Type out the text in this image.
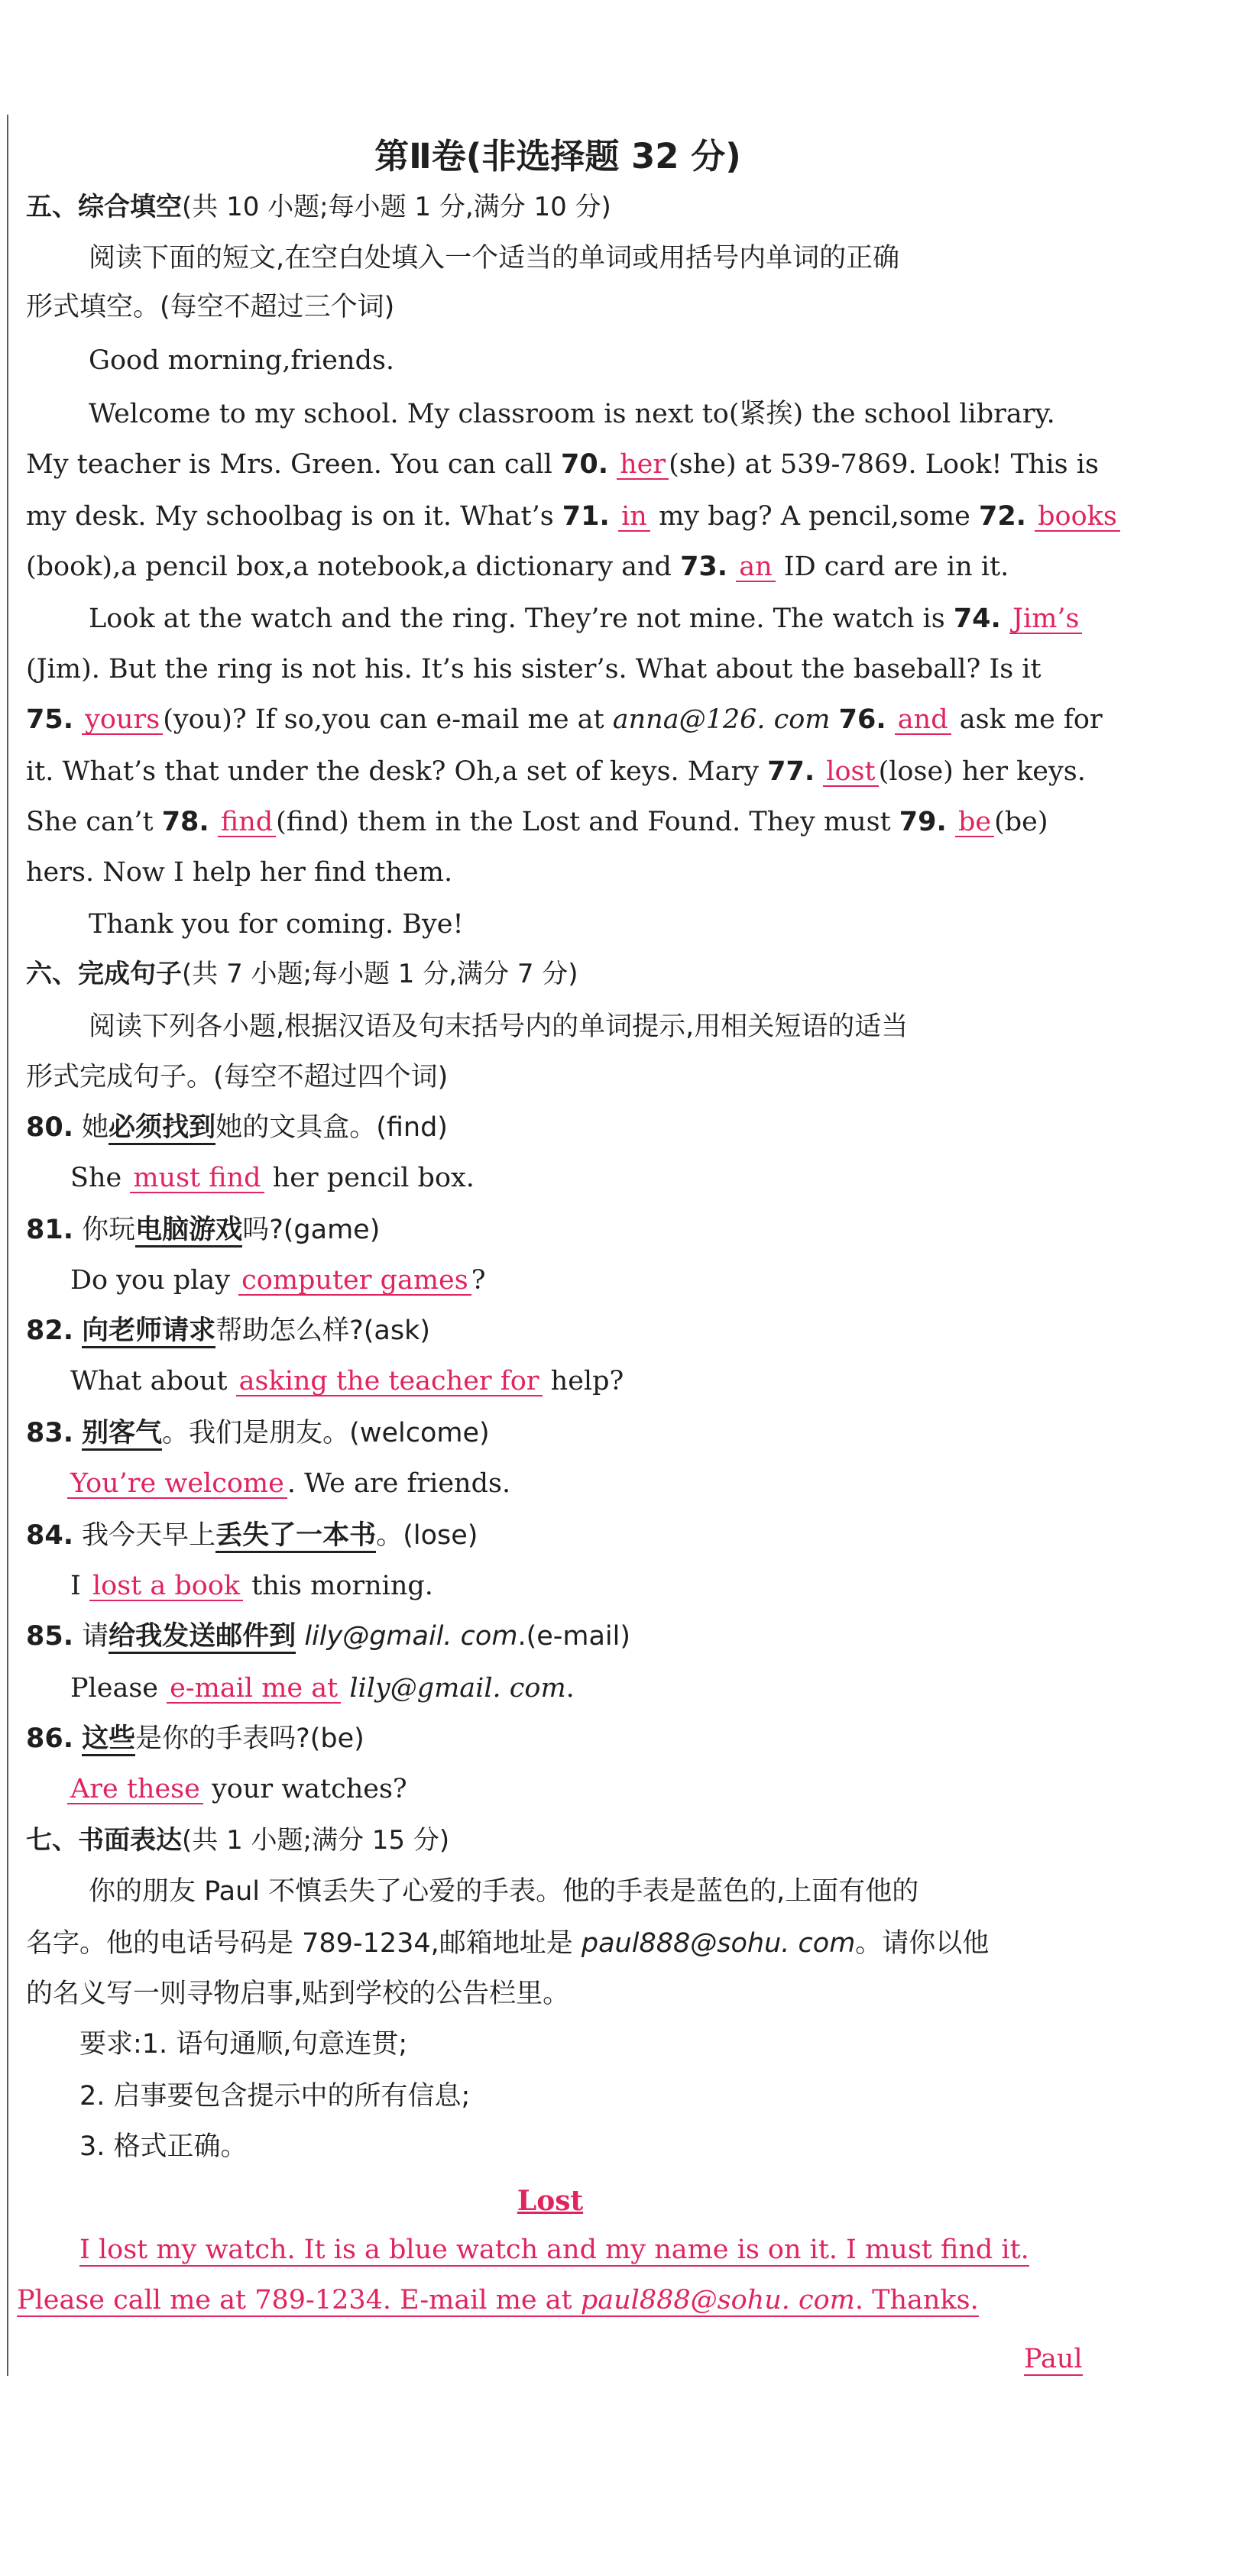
第Ⅱ卷(非选择题 32 分)
五、综合填空(共 10 小题;每小题 1 分,满分 10 分)
阅读下面的短文,在空白处填入一个适当的单词或用括号内单词的正确
形式填空。(每空不超过三个词)
Good morning,friends.
Welcome to my school. My classroom is next to(紧挨) the school library.
My teacher is Mrs. Green. You can call 70. her (she) at 539-7869. Look! This is
my desk. My schoolbag is on it. What’s 71. in my bag? A pencil,some 72. books
(book),a pencil box,a notebook,a dictionary and 73. an ID card are in it.
Look at the watch and the ring. They’re not mine. The watch is 74. Jim’s
(Jim). But the ring is not his. It’s his sister’s. What about the baseball? Is it
75. yours (you)? If so,you can e-mail me at anna@126. com 76. and ask me for
it. What’s that under the desk? Oh,a set of keys. Mary 77. lost (lose) her keys.
She can’t 78. find (find) them in the Lost and Found. They must 79. be (be)
hers. Now I help her find them.
Thank you for coming. Bye!
六、完成句子(共 7 小题;每小题 1 分,满分 7 分)
阅读下列各小题,根据汉语及句末括号内的单词提示,用相关短语的适当
形式完成句子。(每空不超过四个词)
80. 她必须找到她的文具盒。(find)
She must find her pencil box.
81. 你玩电脑游戏吗?(game)
Do you play computer games ?
82. 向老师请求帮助怎么样?(ask)
What about asking the teacher for help?
83. 别客气。我们是朋友。(welcome)
You’re welcome . We are friends.
84. 我今天早上丢失了一本书。(lose)
I lost a book this morning.
85. 请给我发送邮件到 lily@gmail. com.(e-mail)
Please e-mail me at lily@gmail. com.
86. 这些是你的手表吗?(be)
Are these your watches?
七、书面表达(共 1 小题;满分 15 分)
你的朋友 Paul 不慎丢失了心爱的手表。他的手表是蓝色的,上面有他的
名字。他的电话号码是 789-1234,邮箱地址是 paul888@sohu. com。请你以他
的名义写一则寻物启事,贴到学校的公告栏里。
要求:1. 语句通顺,句意连贯;
2. 启事要包含提示中的所有信息;
3. 格式正确。
Lost
I lost my watch. It is a blue watch and my name is on it. I must find it.
Please call me at 789-1234. E-mail me at paul888@sohu. com. Thanks.
Paul
